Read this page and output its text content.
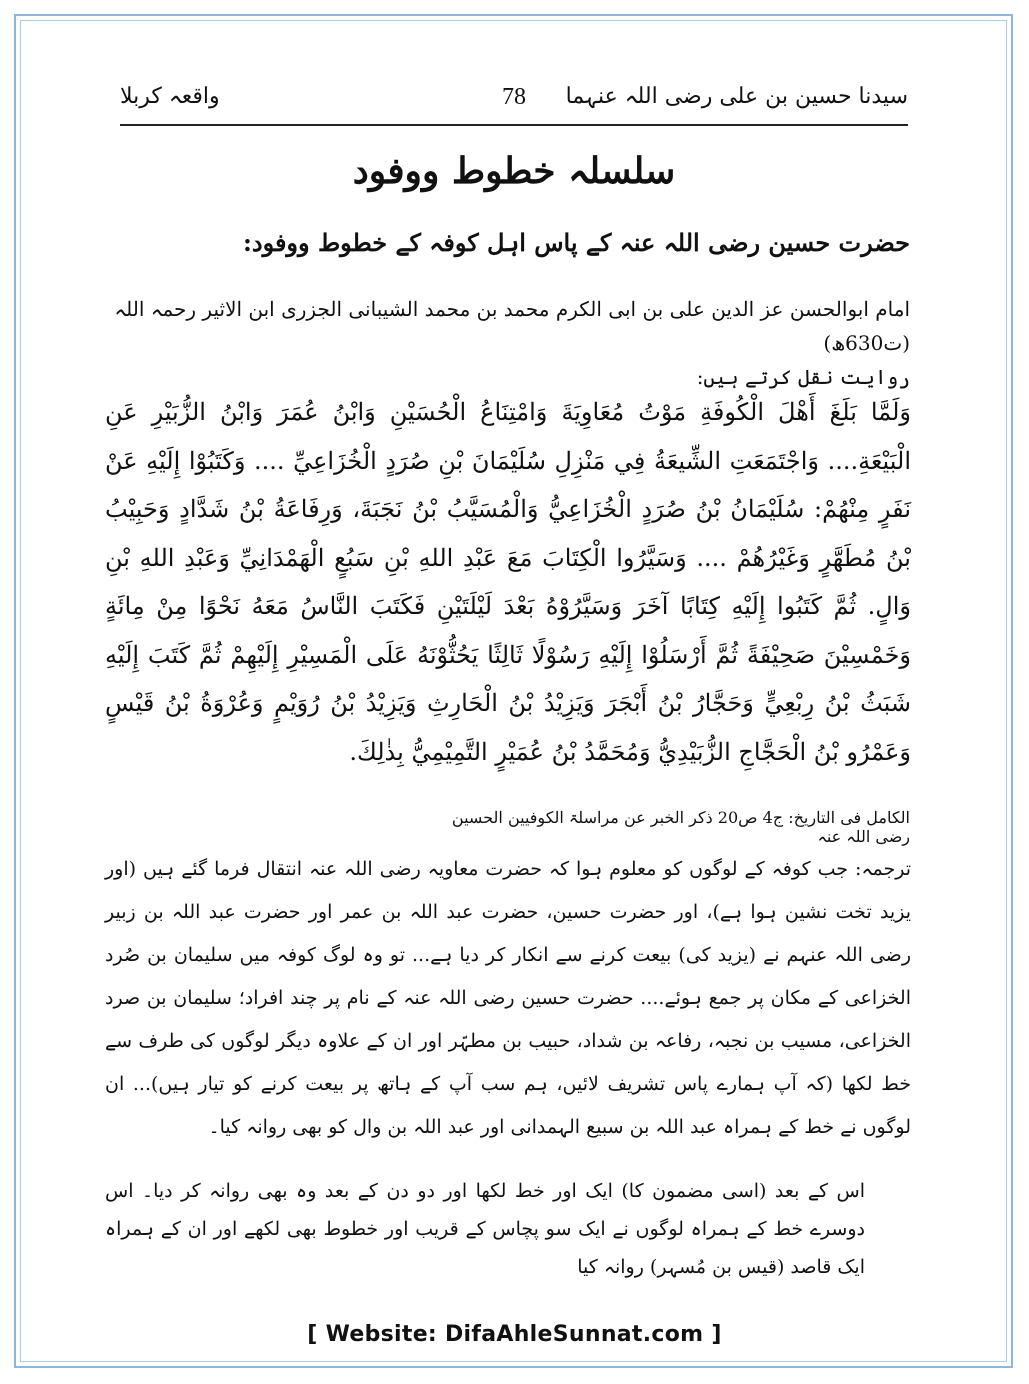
سیدنا حسین بن علی رضی اللہ عنہما
78
واقعہ کربلا
سلسلہ خطوط ووفود
حضرت حسین رضی اللہ عنہ کے پاس اہل کوفہ کے خطوط ووفود:
امام ابوالحسن عز الدین علی بن ابی الکرم محمد بن محمد الشیبانی الجزری ابن الاثیر رحمہ اللہ (ت630ھ)
روایت نقل کرتے ہیں:

وَلَمَّا بَلَغَ أَهْلَ الْكُوفَةِ مَوْتُ مُعَاوِيَةَ وَامْتِنَاعُ الْحُسَيْنِ وَابْنُ عُمَرَ وَابْنُ الزُّبَيْرِ عَنِ الْبَيْعَةِ.... وَاجْتَمَعَتِ الشِّيعَةُ فِي مَنْزِلِ سُلَيْمَانَ بْنِ صُرَدٍ الْخُزَاعِيِّ .... وَكَتَبُوْا إِلَيْهِ عَنْ نَفَرٍ مِنْهُمْ: سُلَيْمَانُ بْنُ صُرَدٍ الْخُزَاعِيُّ وَالْمُسَيَّبُ بْنُ نَجَبَةَ، وَرِفَاعَةُ بْنُ شَدَّادٍ وَحَبِيْبُ بْنُ مُطَهَّرٍ وَغَيْرُهُمْ .... وَسَيَّرُوا الْكِتَابَ مَعَ عَبْدِ اللهِ بْنِ سَبُعٍ الْهَمْدَانِيِّ وَعَبْدِ اللهِ بْنِ وَالٍ. ثُمَّ كَتَبُوا إِلَيْهِ كِتَابًا آخَرَ وَسَيَّرُوْهُ بَعْدَ لَيْلَتَيْنِ فَكَتَبَ النَّاسُ مَعَهُ نَحْوًا مِنْ مِائَةٍ وَخَمْسِيْنَ صَحِيْفَةً ثُمَّ أَرْسَلُوْا إِلَيْهِ رَسُوْلًا ثَالِثًا يَحُثُّوْنَهُ عَلَى الْمَسِيْرِ إِلَيْهِمْ ثُمَّ كَتَبَ إِلَيْهِ شَبَثُ بْنُ رِبْعِيٍّ وَحَجَّارُ بْنُ أَبْجَرَ وَيَزِيْدُ بْنُ الْحَارِثِ وَيَزِيْدُ بْنُ رُوَيْمٍ وَعُرْوَةُ بْنُ قَيْسٍ وَعَمْرُو بْنُ الْحَجَّاجِ الزُّبَيْدِيُّ وَمُحَمَّدُ بْنُ عُمَيْرٍ التَّمِيْمِيُّ بِذٰلِكَ.

الکامل فی التاریخ: ج4 ص20 ذکر الخبر عن مراسلۃ الکوفیین الحسین رضی اللہ عنہ

ترجمہ: جب کوفہ کے لوگوں کو معلوم ہوا کہ حضرت معاویہ رضی اللہ عنہ انتقال فرما گئے ہیں (اور یزید تخت نشین ہوا ہے)، اور حضرت حسین، حضرت عبد اللہ بن عمر اور حضرت عبد اللہ بن زبیر رضی اللہ عنہم نے (یزید کی) بیعت کرنے سے انکار کر دیا ہے... تو وہ لوگ کوفہ میں سلیمان بن صُرد الخزاعی کے مکان پر جمع ہوئے.... حضرت حسین رضی اللہ عنہ کے نام پر چند افراد؛ سلیمان بن صرد الخزاعی، مسیب بن نجبہ، رفاعہ بن شداد، حبیب بن مطہّر اور ان کے علاوہ دیگر لوگوں کی طرف سے خط لکھا (کہ آپ ہمارے پاس تشریف لائیں، ہم سب آپ کے ہاتھ پر بیعت کرنے کو تیار ہیں)... ان لوگوں نے خط کے ہمراہ عبد اللہ بن سبیع الہمدانی اور عبد اللہ بن وال کو بھی روانہ کیا۔

اس کے بعد (اسی مضمون کا) ایک اور خط لکھا اور دو دن کے بعد وہ بھی روانہ کر دیا۔ اس دوسرے خط کے ہمراہ لوگوں نے ایک سو پچاس کے قریب اور خطوط بھی لکھے اور ان کے ہمراہ ایک قاصد (قیس بن مُسہر) روانہ کیا

[ Website: DifaAhleSunnat.com ]
